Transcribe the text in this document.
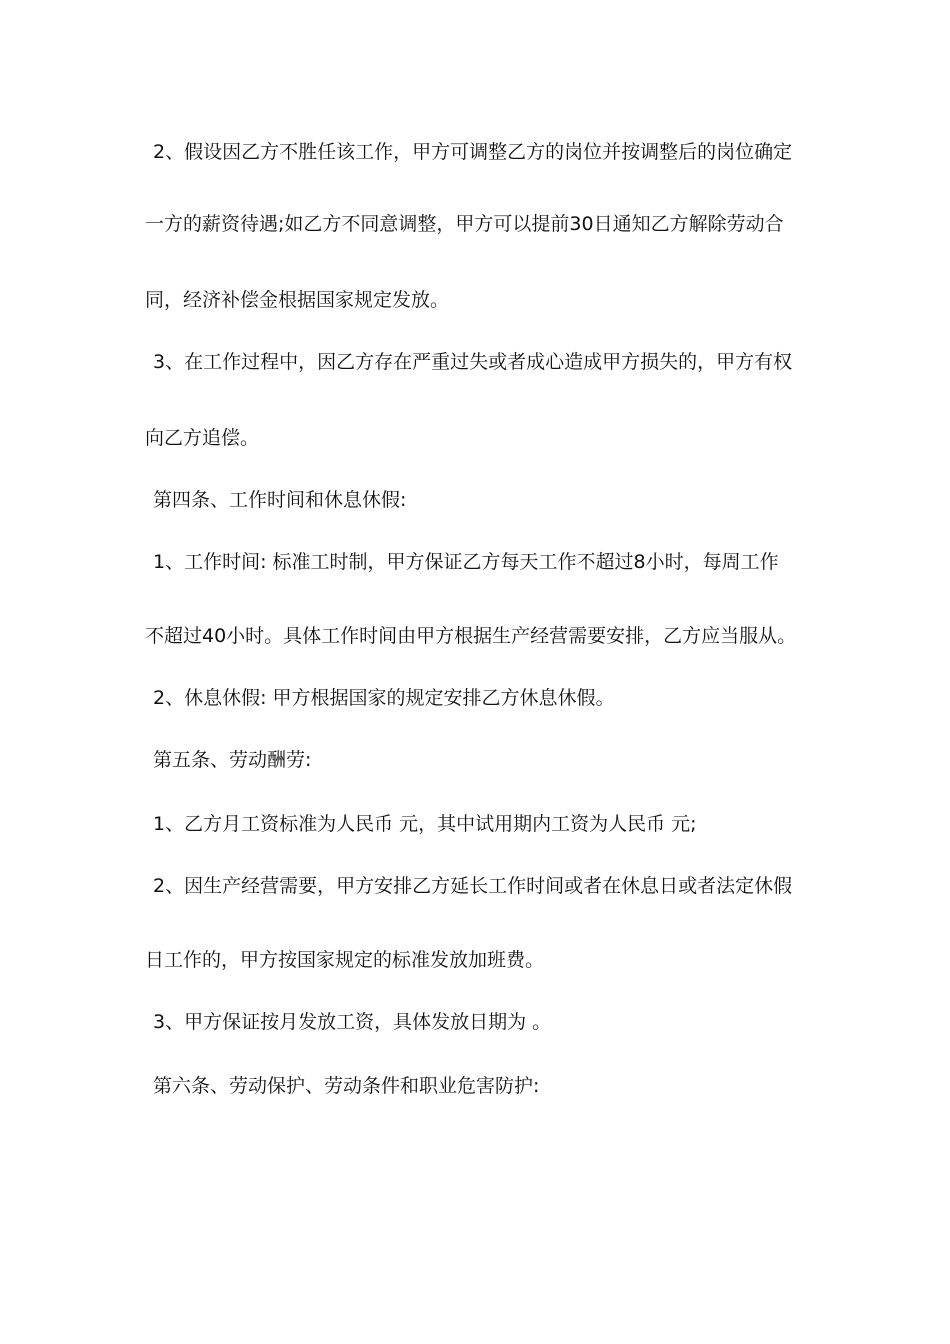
2、假设因乙方不胜任该工作，甲方可调整乙方的岗位并按调整后的岗位确定
一方的薪资待遇;如乙方不同意调整，甲方可以提前30日通知乙方解除劳动合
同，经济补偿金根据国家规定发放。
3、在工作过程中，因乙方存在严重过失或者成心造成甲方损失的，甲方有权
向乙方追偿。
第四条、工作时间和休息休假:
1、工作时间: 标准工时制，甲方保证乙方每天工作不超过8小时，每周工作
不超过40小时。具体工作时间由甲方根据生产经营需要安排，乙方应当服从。
2、休息休假: 甲方根据国家的规定安排乙方休息休假。
第五条、劳动酬劳:
1、乙方月工资标准为人民币 元，其中试用期内工资为人民币 元;
2、因生产经营需要，甲方安排乙方延长工作时间或者在休息日或者法定休假
日工作的，甲方按国家规定的标准发放加班费。
3、甲方保证按月发放工资，具体发放日期为 。
第六条、劳动保护、劳动条件和职业危害防护:
